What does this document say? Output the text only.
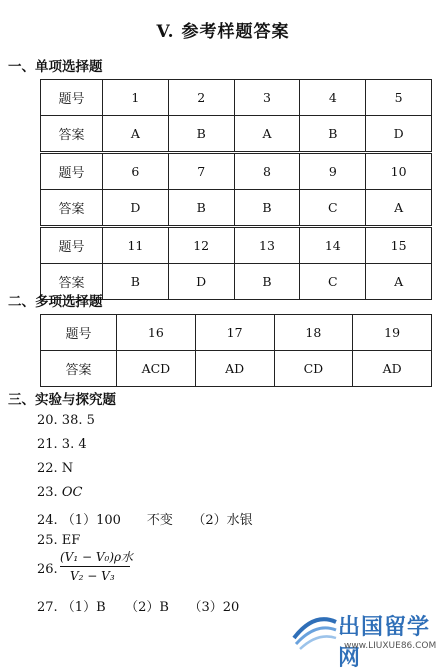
V. 参考样题答案
一、单项选择题
题号	1	2	3	4	5
答案	A	B	A	B	D
题号	6	7	8	9	10
答案	D	B	B	C	A
题号	11	12	13	14	15
答案	B	D	B	C	A
二、多项选择题
题号	16	17	18	19
答案	ACD	AD	CD	AD
三、实验与探究题
20. 38. 5
21. 3. 4
22. N
23. OC
24. （1）100　　不变　　（2）水银
25. EF
26.
(V₁ − V₀)ρ水
V₂ − V₃
27. （1）B　　（2）B　　（3）20
出国留学网
www.LIUXUE86.COM
